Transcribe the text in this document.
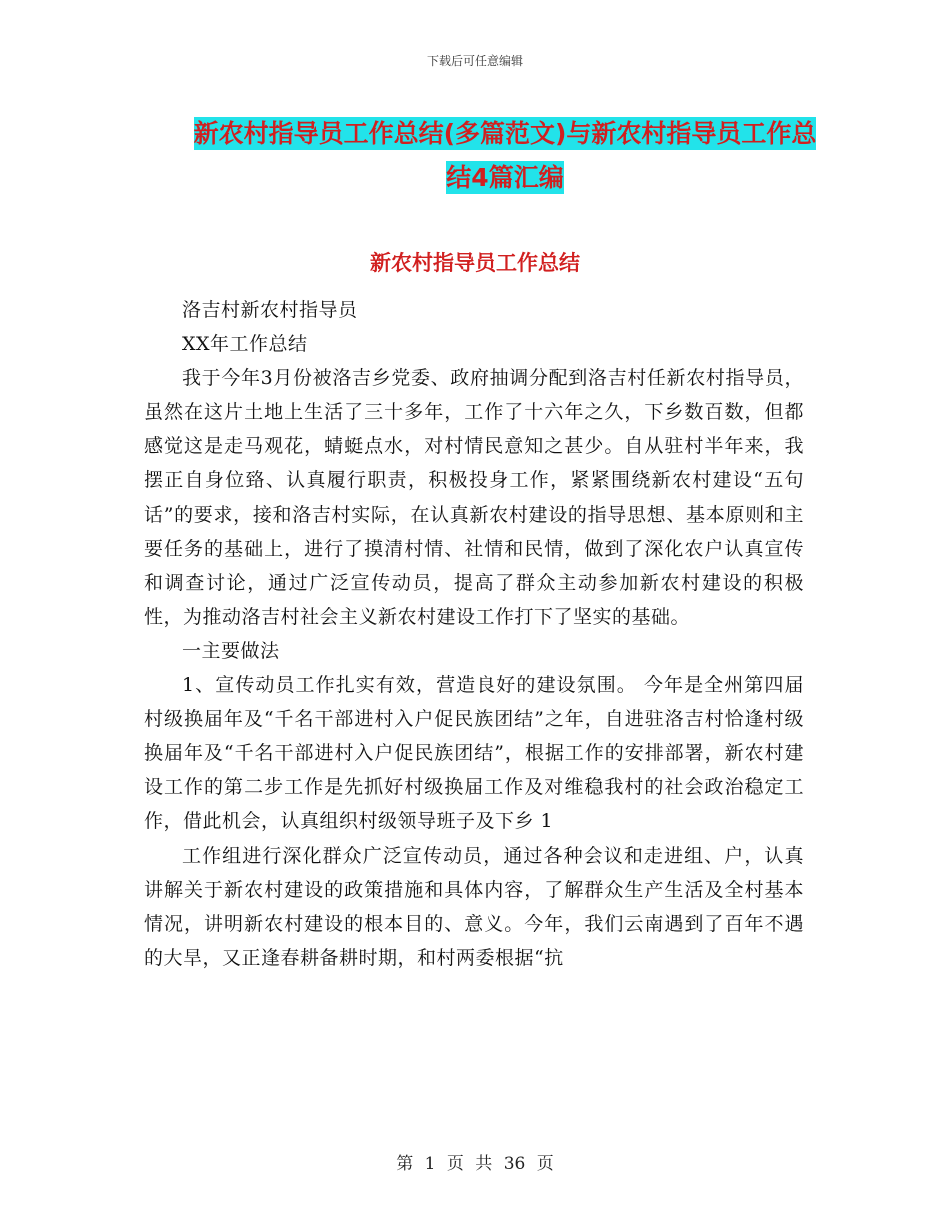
下载后可任意编辑
新农村指导员工作总结(多篇范文)与新农村指导员工作总结4篇汇编
新农村指导员工作总结

洛吉村新农村指导员

XX年工作总结

我于今年3月份被洛吉乡党委、政府抽调分配到洛吉村任新农村指导员，虽然在这片土地上生活了三十多年，工作了十六年之久，下乡数百数，但都感觉这是走马观花，蜻蜓点水，对村情民意知之甚少。自从驻村半年来，我摆正自身位臵、认真履行职责，积极投身工作，紧紧围绕新农村建设“五句话”的要求，接和洛吉村实际，在认真新农村建设的指导思想、基本原则和主要任务的基础上，进行了摸清村情、社情和民情，做到了深化农户认真宣传和调查讨论，通过广泛宣传动员，提高了群众主动参加新农村建设的积极性，为推动洛吉村社会主义新农村建设工作打下了坚实的基础。

一主要做法

1、宣传动员工作扎实有效，营造良好的建设氛围。 今年是全州第四届村级换届年及“千名干部进村入户促民族团结”之年，自进驻洛吉村恰逢村级换届年及“千名干部进村入户促民族团结”，根据工作的安排部署，新农村建设工作的第二步工作是先抓好村级换届工作及对维稳我村的社会政治稳定工作，借此机会，认真组织村级领导班子及下乡 1

工作组进行深化群众广泛宣传动员，通过各种会议和走进组、户，认真讲解关于新农村建设的政策措施和具体内容，了解群众生产生活及全村基本情况，讲明新农村建设的根本目的、意义。今年，我们云南遇到了百年不遇的大旱，又正逢春耕备耕时期，和村两委根据“抗

第 1 页 共 36 页
